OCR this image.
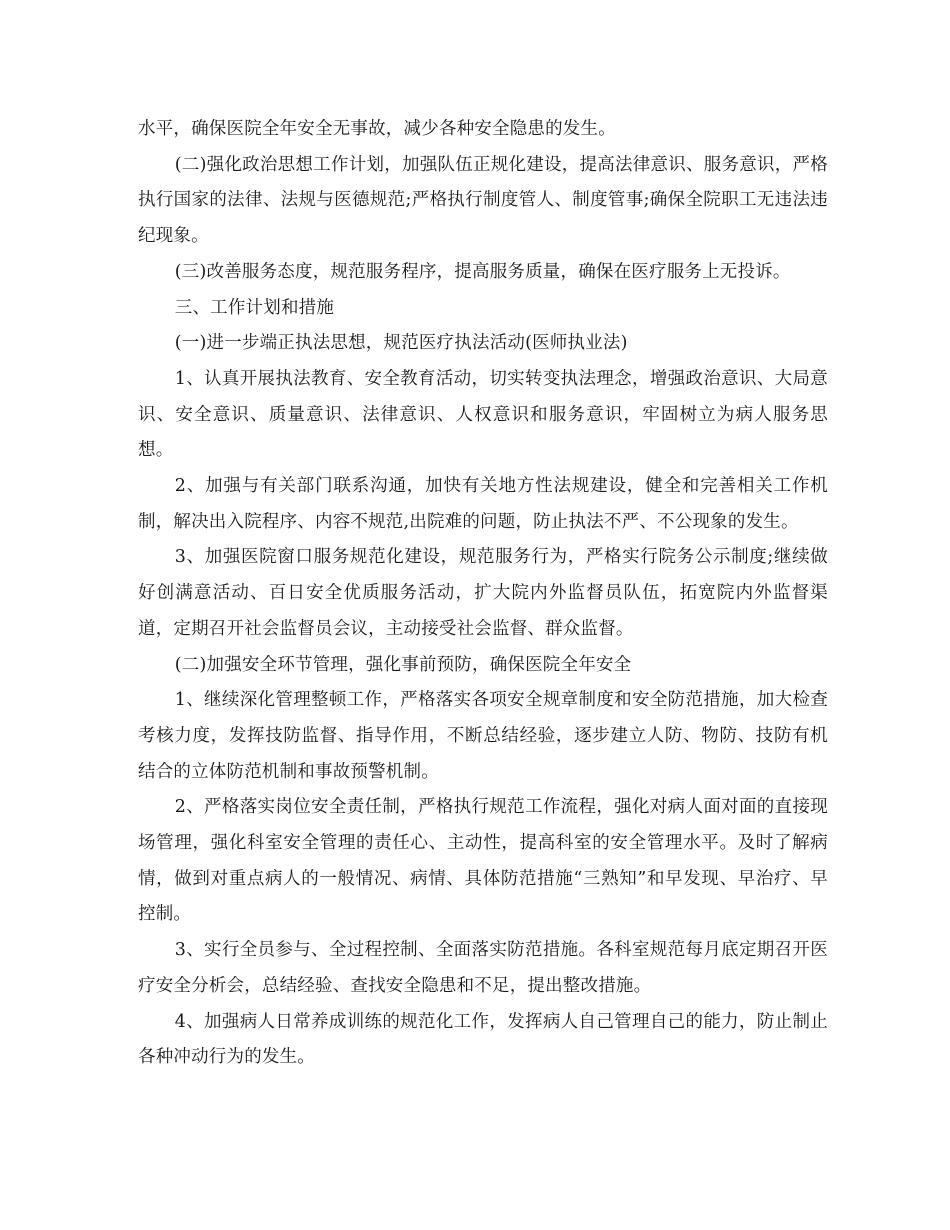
水平，确保医院全年安全无事故，减少各种安全隐患的发生。

(二)强化政治思想工作计划，加强队伍正规化建设，提高法律意识、服务意识，严格执行国家的法律、法规与医德规范;严格执行制度管人、制度管事;确保全院职工无违法违纪现象。

(三)改善服务态度，规范服务程序，提高服务质量，确保在医疗服务上无投诉。

三、工作计划和措施

(一)进一步端正执法思想，规范医疗执法活动(医师执业法)

1、认真开展执法教育、安全教育活动，切实转变执法理念，增强政治意识、大局意识、安全意识、质量意识、法律意识、人权意识和服务意识，牢固树立为病人服务思想。

2、加强与有关部门联系沟通，加快有关地方性法规建设，健全和完善相关工作机制，解决出入院程序、内容不规范,出院难的问题，防止执法不严、不公现象的发生。

3、加强医院窗口服务规范化建设，规范服务行为，严格实行院务公示制度;继续做好创满意活动、百日安全优质服务活动，扩大院内外监督员队伍，拓宽院内外监督渠道，定期召开社会监督员会议，主动接受社会监督、群众监督。

(二)加强安全环节管理，强化事前预防，确保医院全年安全

1、继续深化管理整顿工作，严格落实各项安全规章制度和安全防范措施，加大检查考核力度，发挥技防监督、指导作用，不断总结经验，逐步建立人防、物防、技防有机结合的立体防范机制和事故预警机制。

2、严格落实岗位安全责任制，严格执行规范工作流程，强化对病人面对面的直接现场管理，强化科室安全管理的责任心、主动性，提高科室的安全管理水平。及时了解病情，做到对重点病人的一般情况、病情、具体防范措施“三熟知”和早发现、早治疗、早控制。

3、实行全员参与、全过程控制、全面落实防范措施。各科室规范每月底定期召开医疗安全分析会，总结经验、查找安全隐患和不足，提出整改措施。

4、加强病人日常养成训练的规范化工作，发挥病人自己管理自己的能力，防止制止各种冲动行为的发生。
